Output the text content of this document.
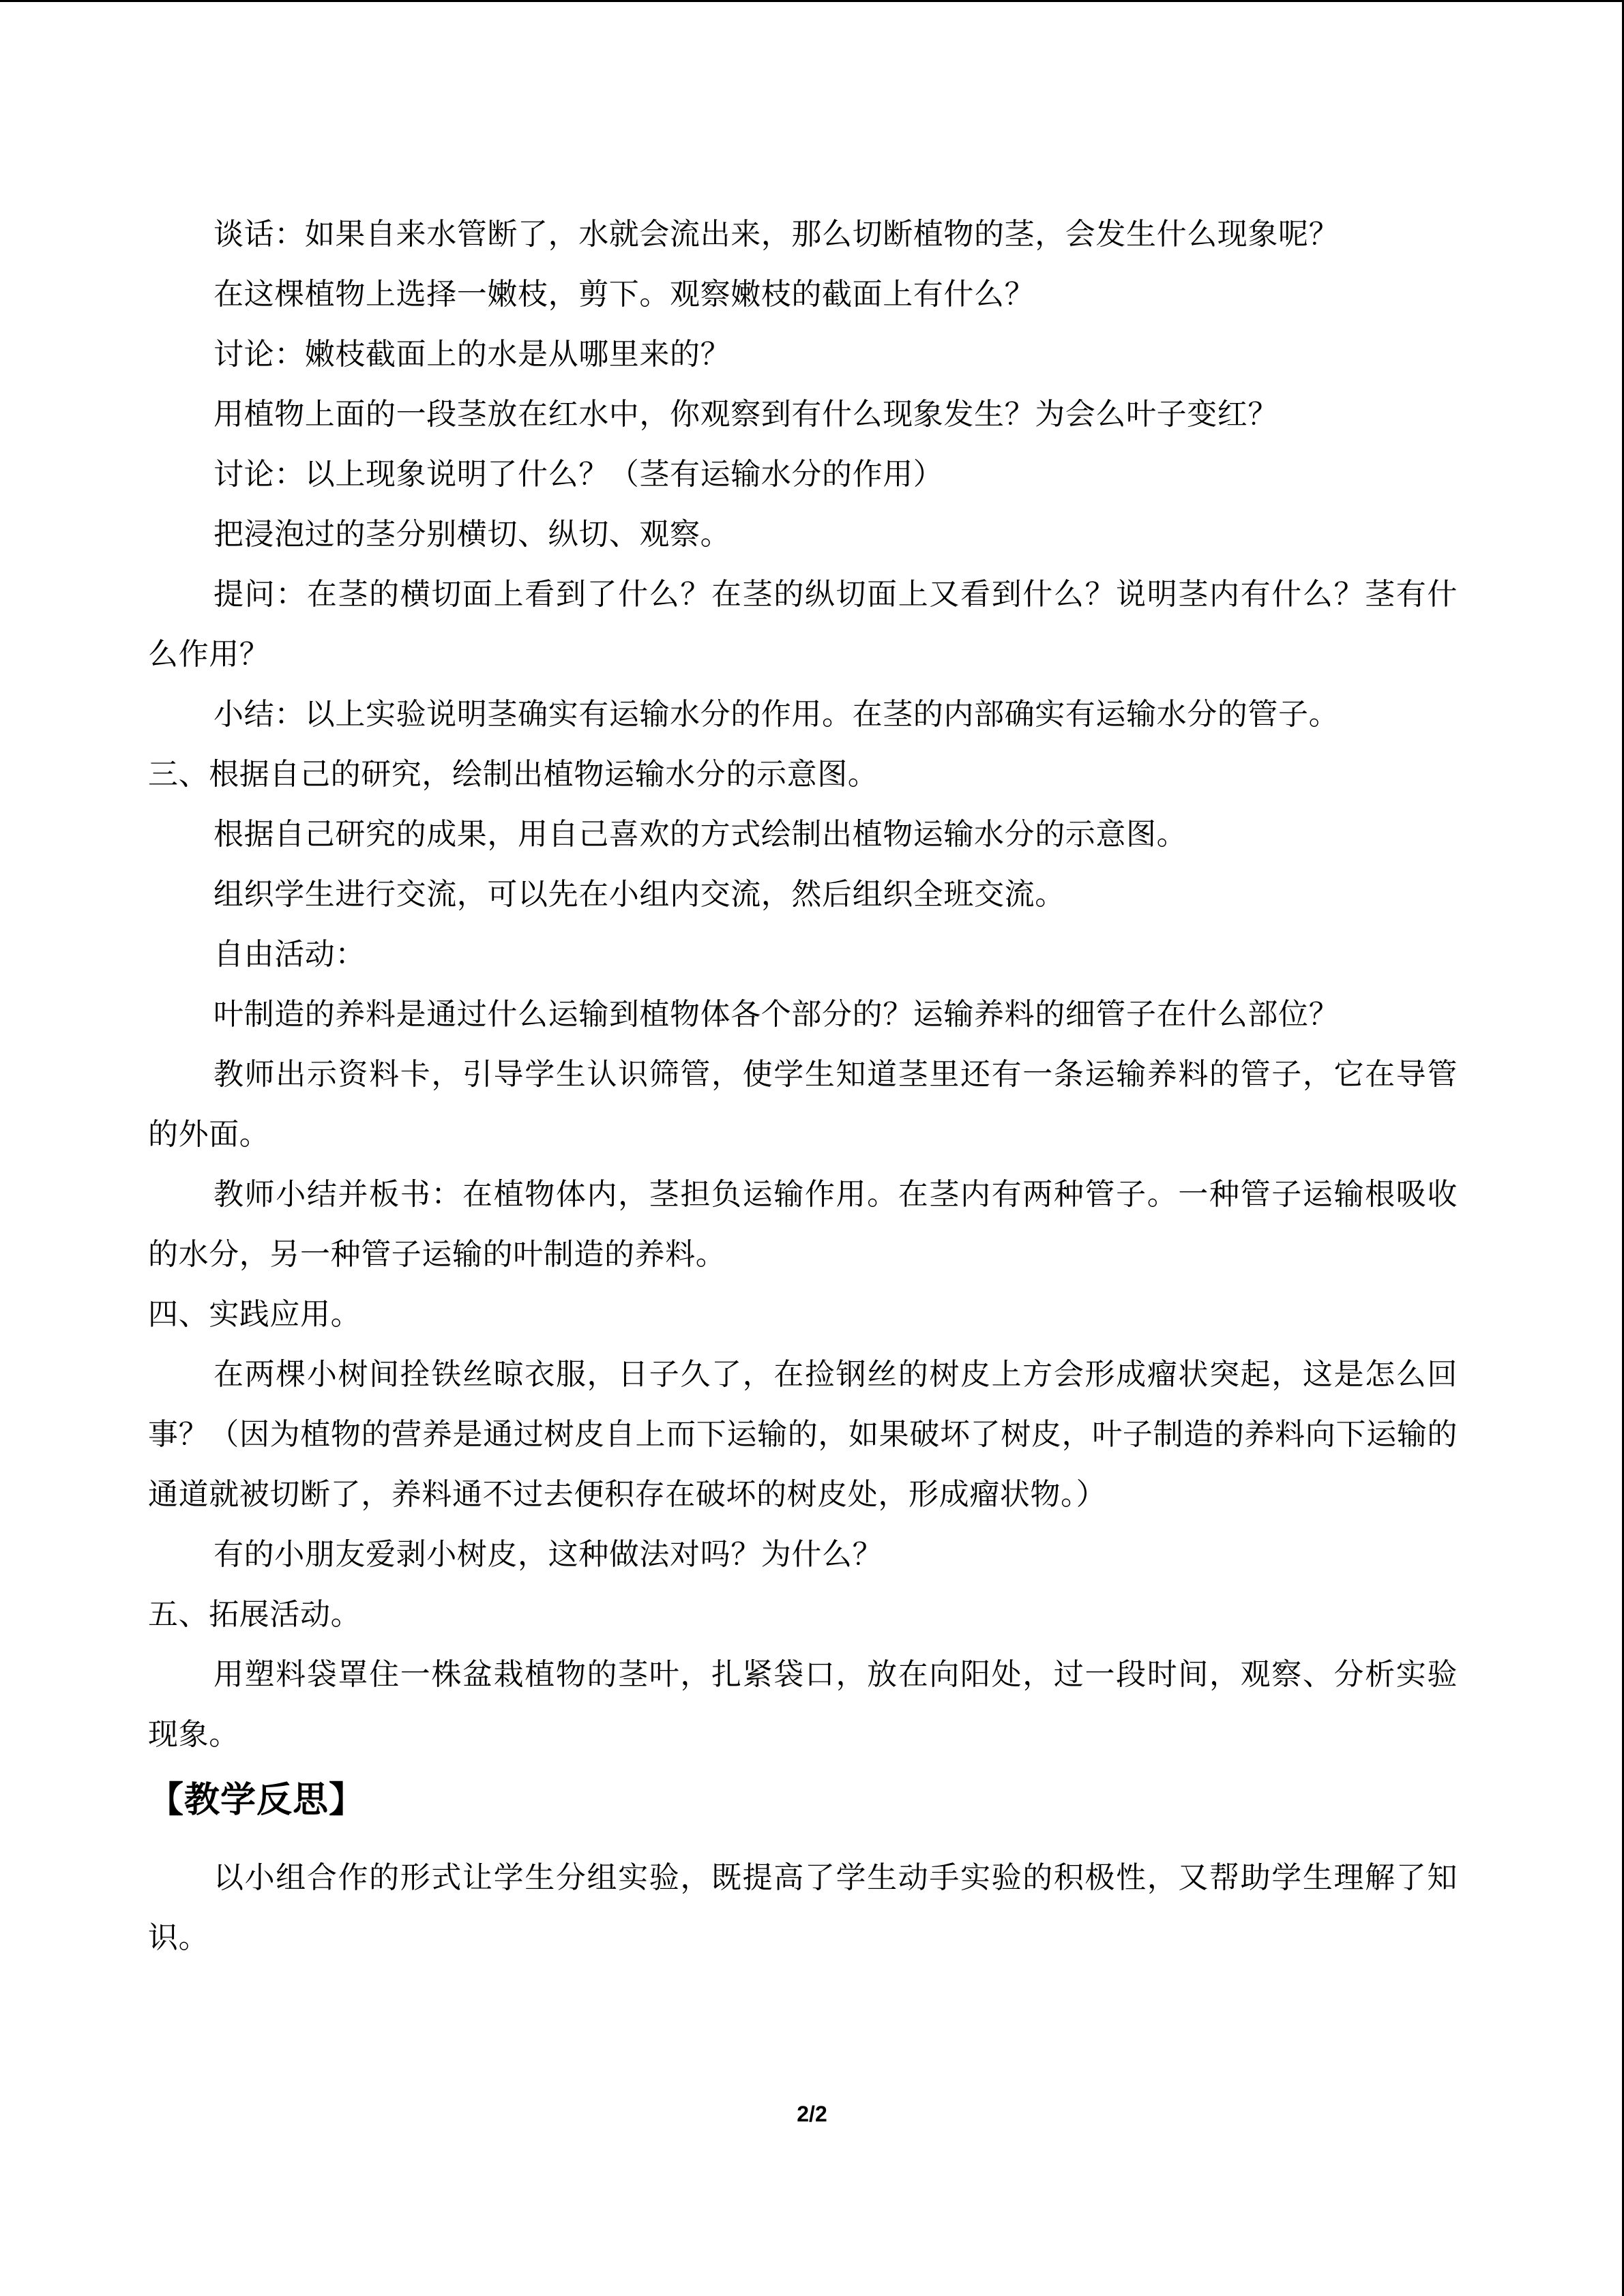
谈话：如果自来水管断了，水就会流出来，那么切断植物的茎，会发生什么现象呢？

在这棵植物上选择一嫩枝，剪下。观察嫩枝的截面上有什么？

讨论：嫩枝截面上的水是从哪里来的？

用植物上面的一段茎放在红水中，你观察到有什么现象发生？为会么叶子变红？

讨论：以上现象说明了什么？（茎有运输水分的作用）

把浸泡过的茎分别横切、纵切、观察。

提问：在茎的横切面上看到了什么？在茎的纵切面上又看到什么？说明茎内有什么？茎有什么作用？

小结：以上实验说明茎确实有运输水分的作用。在茎的内部确实有运输水分的管子。

三、根据自己的研究，绘制出植物运输水分的示意图。

根据自己研究的成果，用自己喜欢的方式绘制出植物运输水分的示意图。

组织学生进行交流，可以先在小组内交流，然后组织全班交流。

自由活动：

叶制造的养料是通过什么运输到植物体各个部分的？运输养料的细管子在什么部位？

教师出示资料卡，引导学生认识筛管，使学生知道茎里还有一条运输养料的管子，它在导管的外面。

教师小结并板书：在植物体内，茎担负运输作用。在茎内有两种管子。一种管子运输根吸收的水分，另一种管子运输的叶制造的养料。

四、实践应用。

在两棵小树间拴铁丝晾衣服，日子久了，在捡钢丝的树皮上方会形成瘤状突起，这是怎么回事？（因为植物的营养是通过树皮自上而下运输的，如果破坏了树皮，叶子制造的养料向下运输的通道就被切断了，养料通不过去便积存在破坏的树皮处，形成瘤状物。）

有的小朋友爱剥小树皮，这种做法对吗？为什么？

五、拓展活动。

用塑料袋罩住一株盆栽植物的茎叶，扎紧袋口，放在向阳处，过一段时间，观察、分析实验现象。

【教学反思】

以小组合作的形式让学生分组实验，既提高了学生动手实验的积极性，又帮助学生理解了知识。

2/2
